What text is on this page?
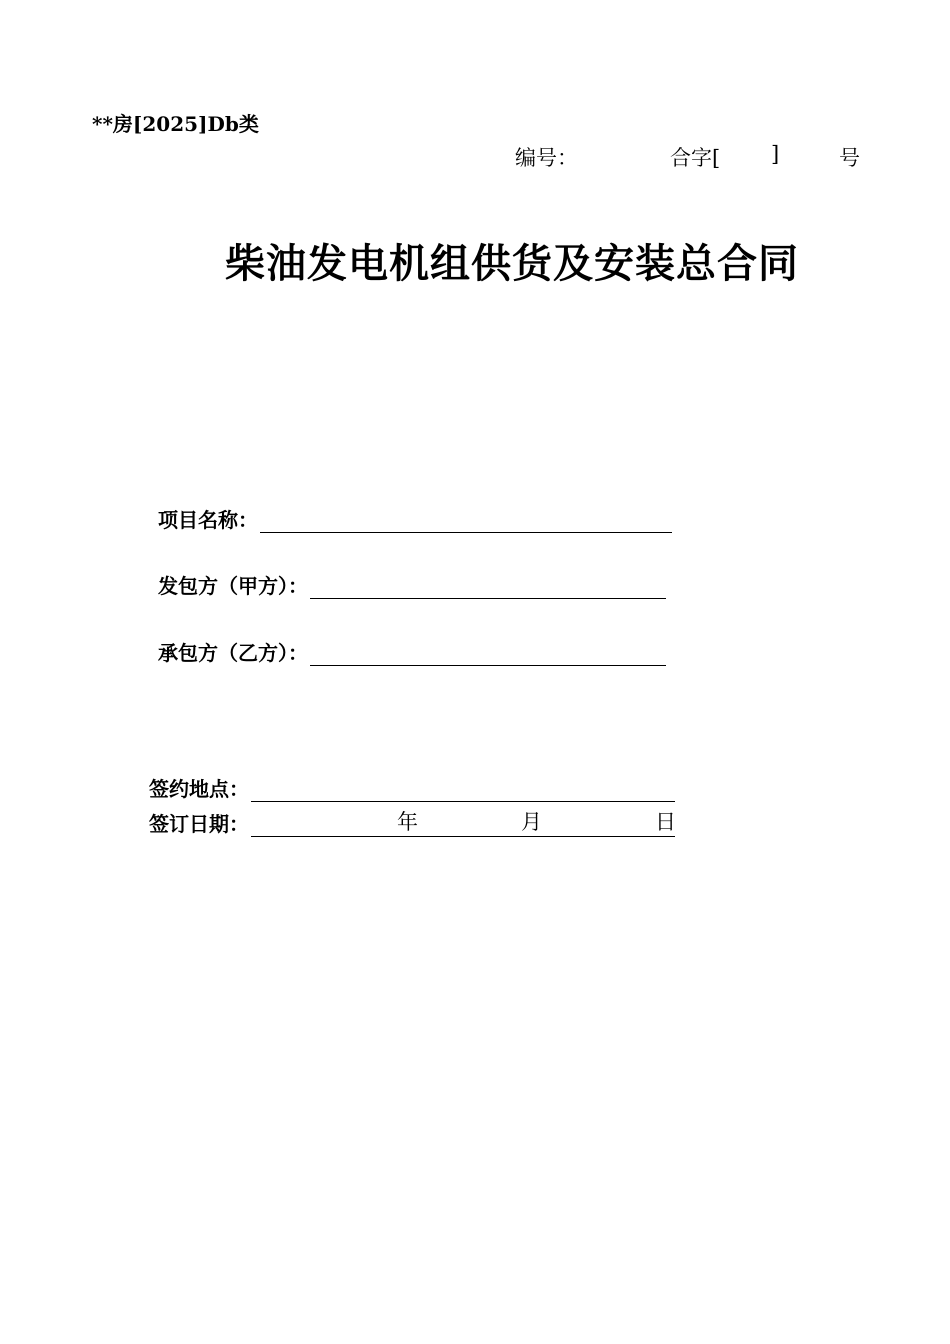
**房[2025]Db类
编号：	合字[ ]	号
柴油发电机组供货及安装总合同
项目名称：
发包方（甲方）：
承包方（乙方）：
签约地点：
签订日期：	年	月	日
